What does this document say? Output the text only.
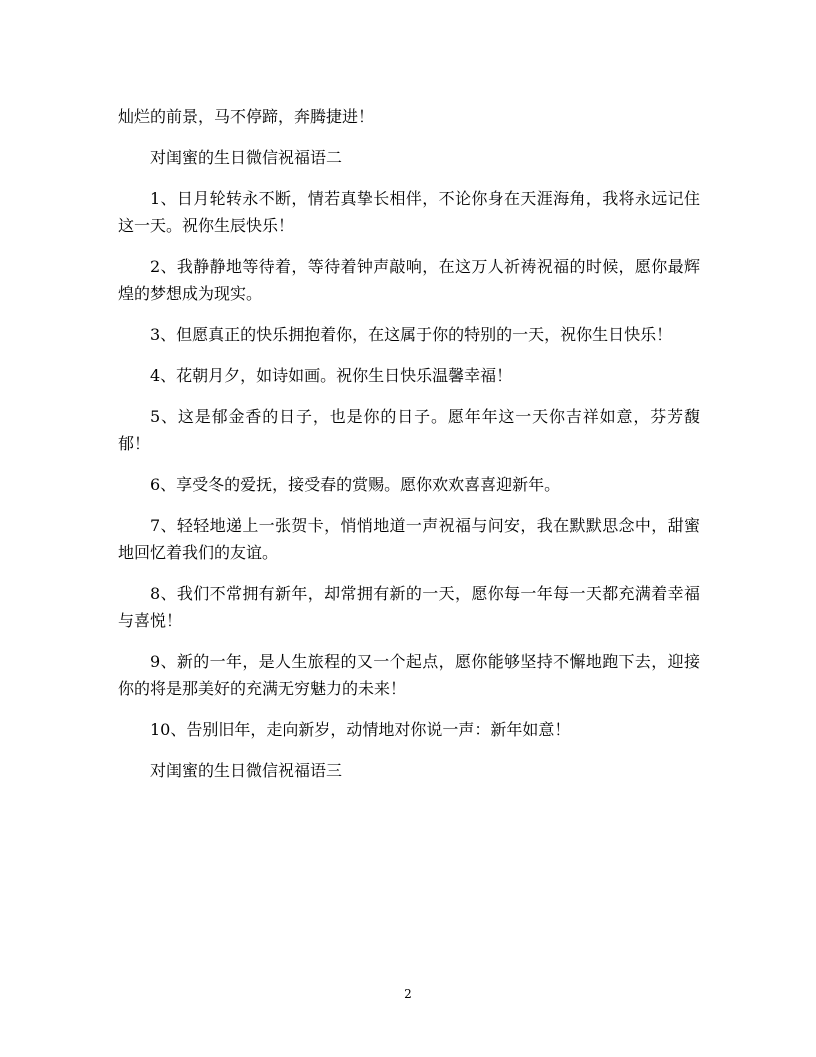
灿烂的前景，马不停蹄，奔腾捷进！

对闺蜜的生日微信祝福语二

1、日月轮转永不断，情若真挚长相伴，不论你身在天涯海角，我将永远记住这一天。祝你生辰快乐！

2、我静静地等待着，等待着钟声敲响，在这万人祈祷祝福的时候，愿你最辉煌的梦想成为现实。

3、但愿真正的快乐拥抱着你，在这属于你的特别的一天，祝你生日快乐！

4、花朝月夕，如诗如画。祝你生日快乐温馨幸福！

5、这是郁金香的日子，也是你的日子。愿年年这一天你吉祥如意，芬芳馥郁！

6、享受冬的爱抚，接受春的赏赐。愿你欢欢喜喜迎新年。

7、轻轻地递上一张贺卡，悄悄地道一声祝福与问安，我在默默思念中，甜蜜地回忆着我们的友谊。

8、我们不常拥有新年，却常拥有新的一天，愿你每一年每一天都充满着幸福与喜悦！

9、新的一年，是人生旅程的又一个起点，愿你能够坚持不懈地跑下去，迎接你的将是那美好的充满无穷魅力的未来！

10、告别旧年，走向新岁，动情地对你说一声：新年如意！

对闺蜜的生日微信祝福语三

2
